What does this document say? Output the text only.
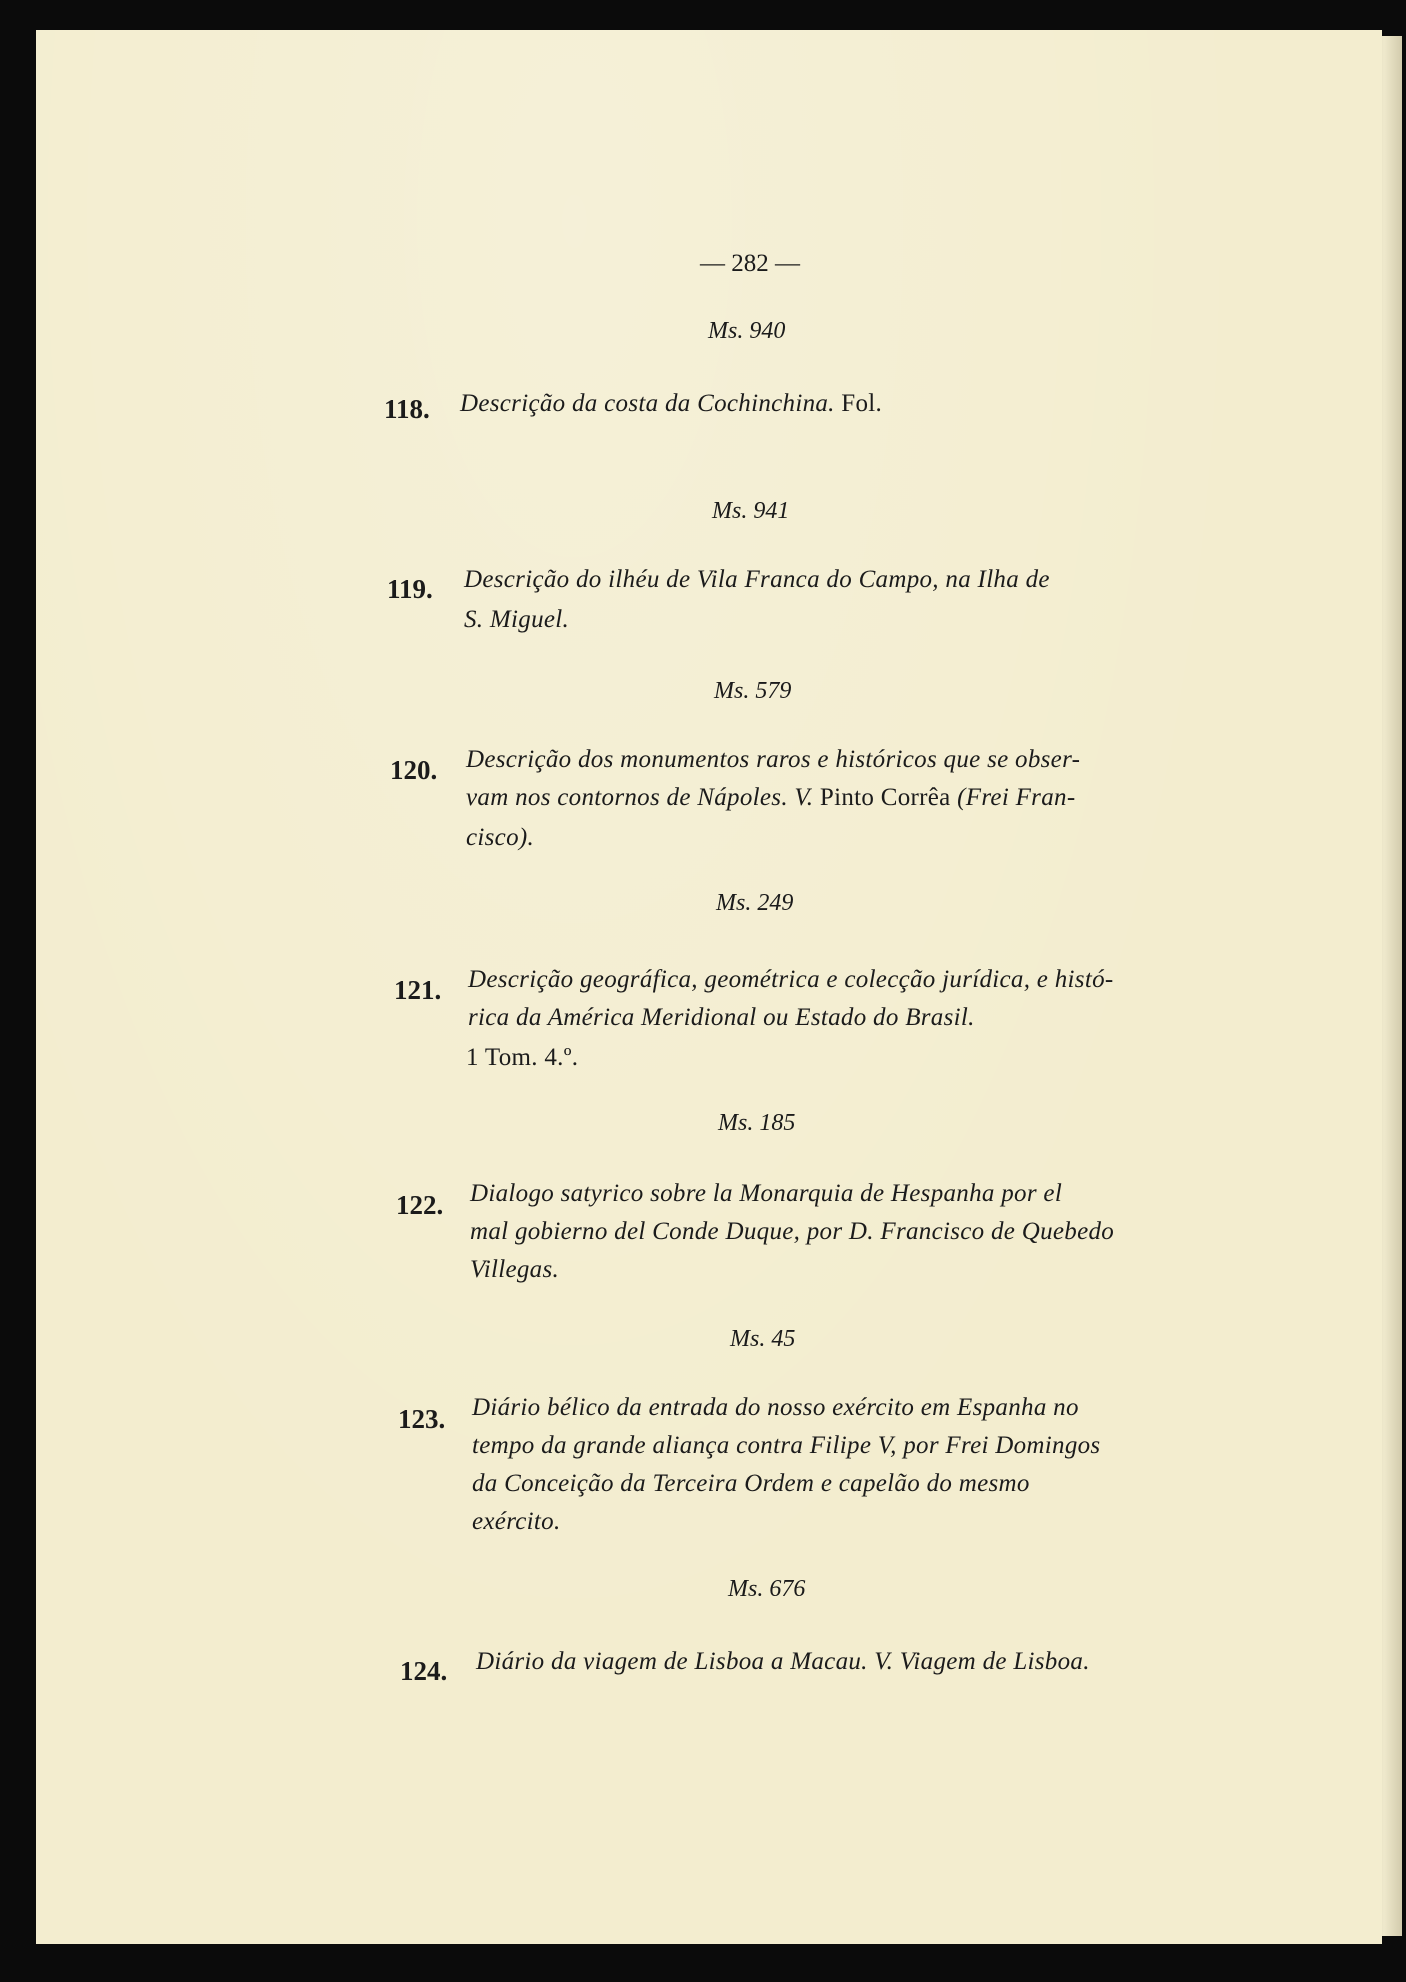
— 282 —
Ms. 940
118. Descrição da costa da Cochinchina. Fol.
Ms. 941
119. Descrição do ilhéu de Vila Franca do Campo, na Ilha de
S. Miguel.
Ms. 579
120. Descrição dos monumentos raros e históricos que se obser-
vam nos contornos de Nápoles. V. Pinto Corrêa (Frei Fran-
cisco).
Ms. 249
121. Descrição geográfica, geométrica e colecção jurídica, e histó-
rica da América Meridional ou Estado do Brasil.
1 Tom. 4.º.
Ms. 185
122. Dialogo satyrico sobre la Monarquia de Hespanha por el
mal gobierno del Conde Duque, por D. Francisco de Quebedo
Villegas.
Ms. 45
123. Diário bélico da entrada do nosso exército em Espanha no
tempo da grande aliança contra Filipe V, por Frei Domingos
da Conceição da Terceira Ordem e capelão do mesmo
exército.
Ms. 676
124. Diário da viagem de Lisboa a Macau. V. Viagem de Lisboa.
